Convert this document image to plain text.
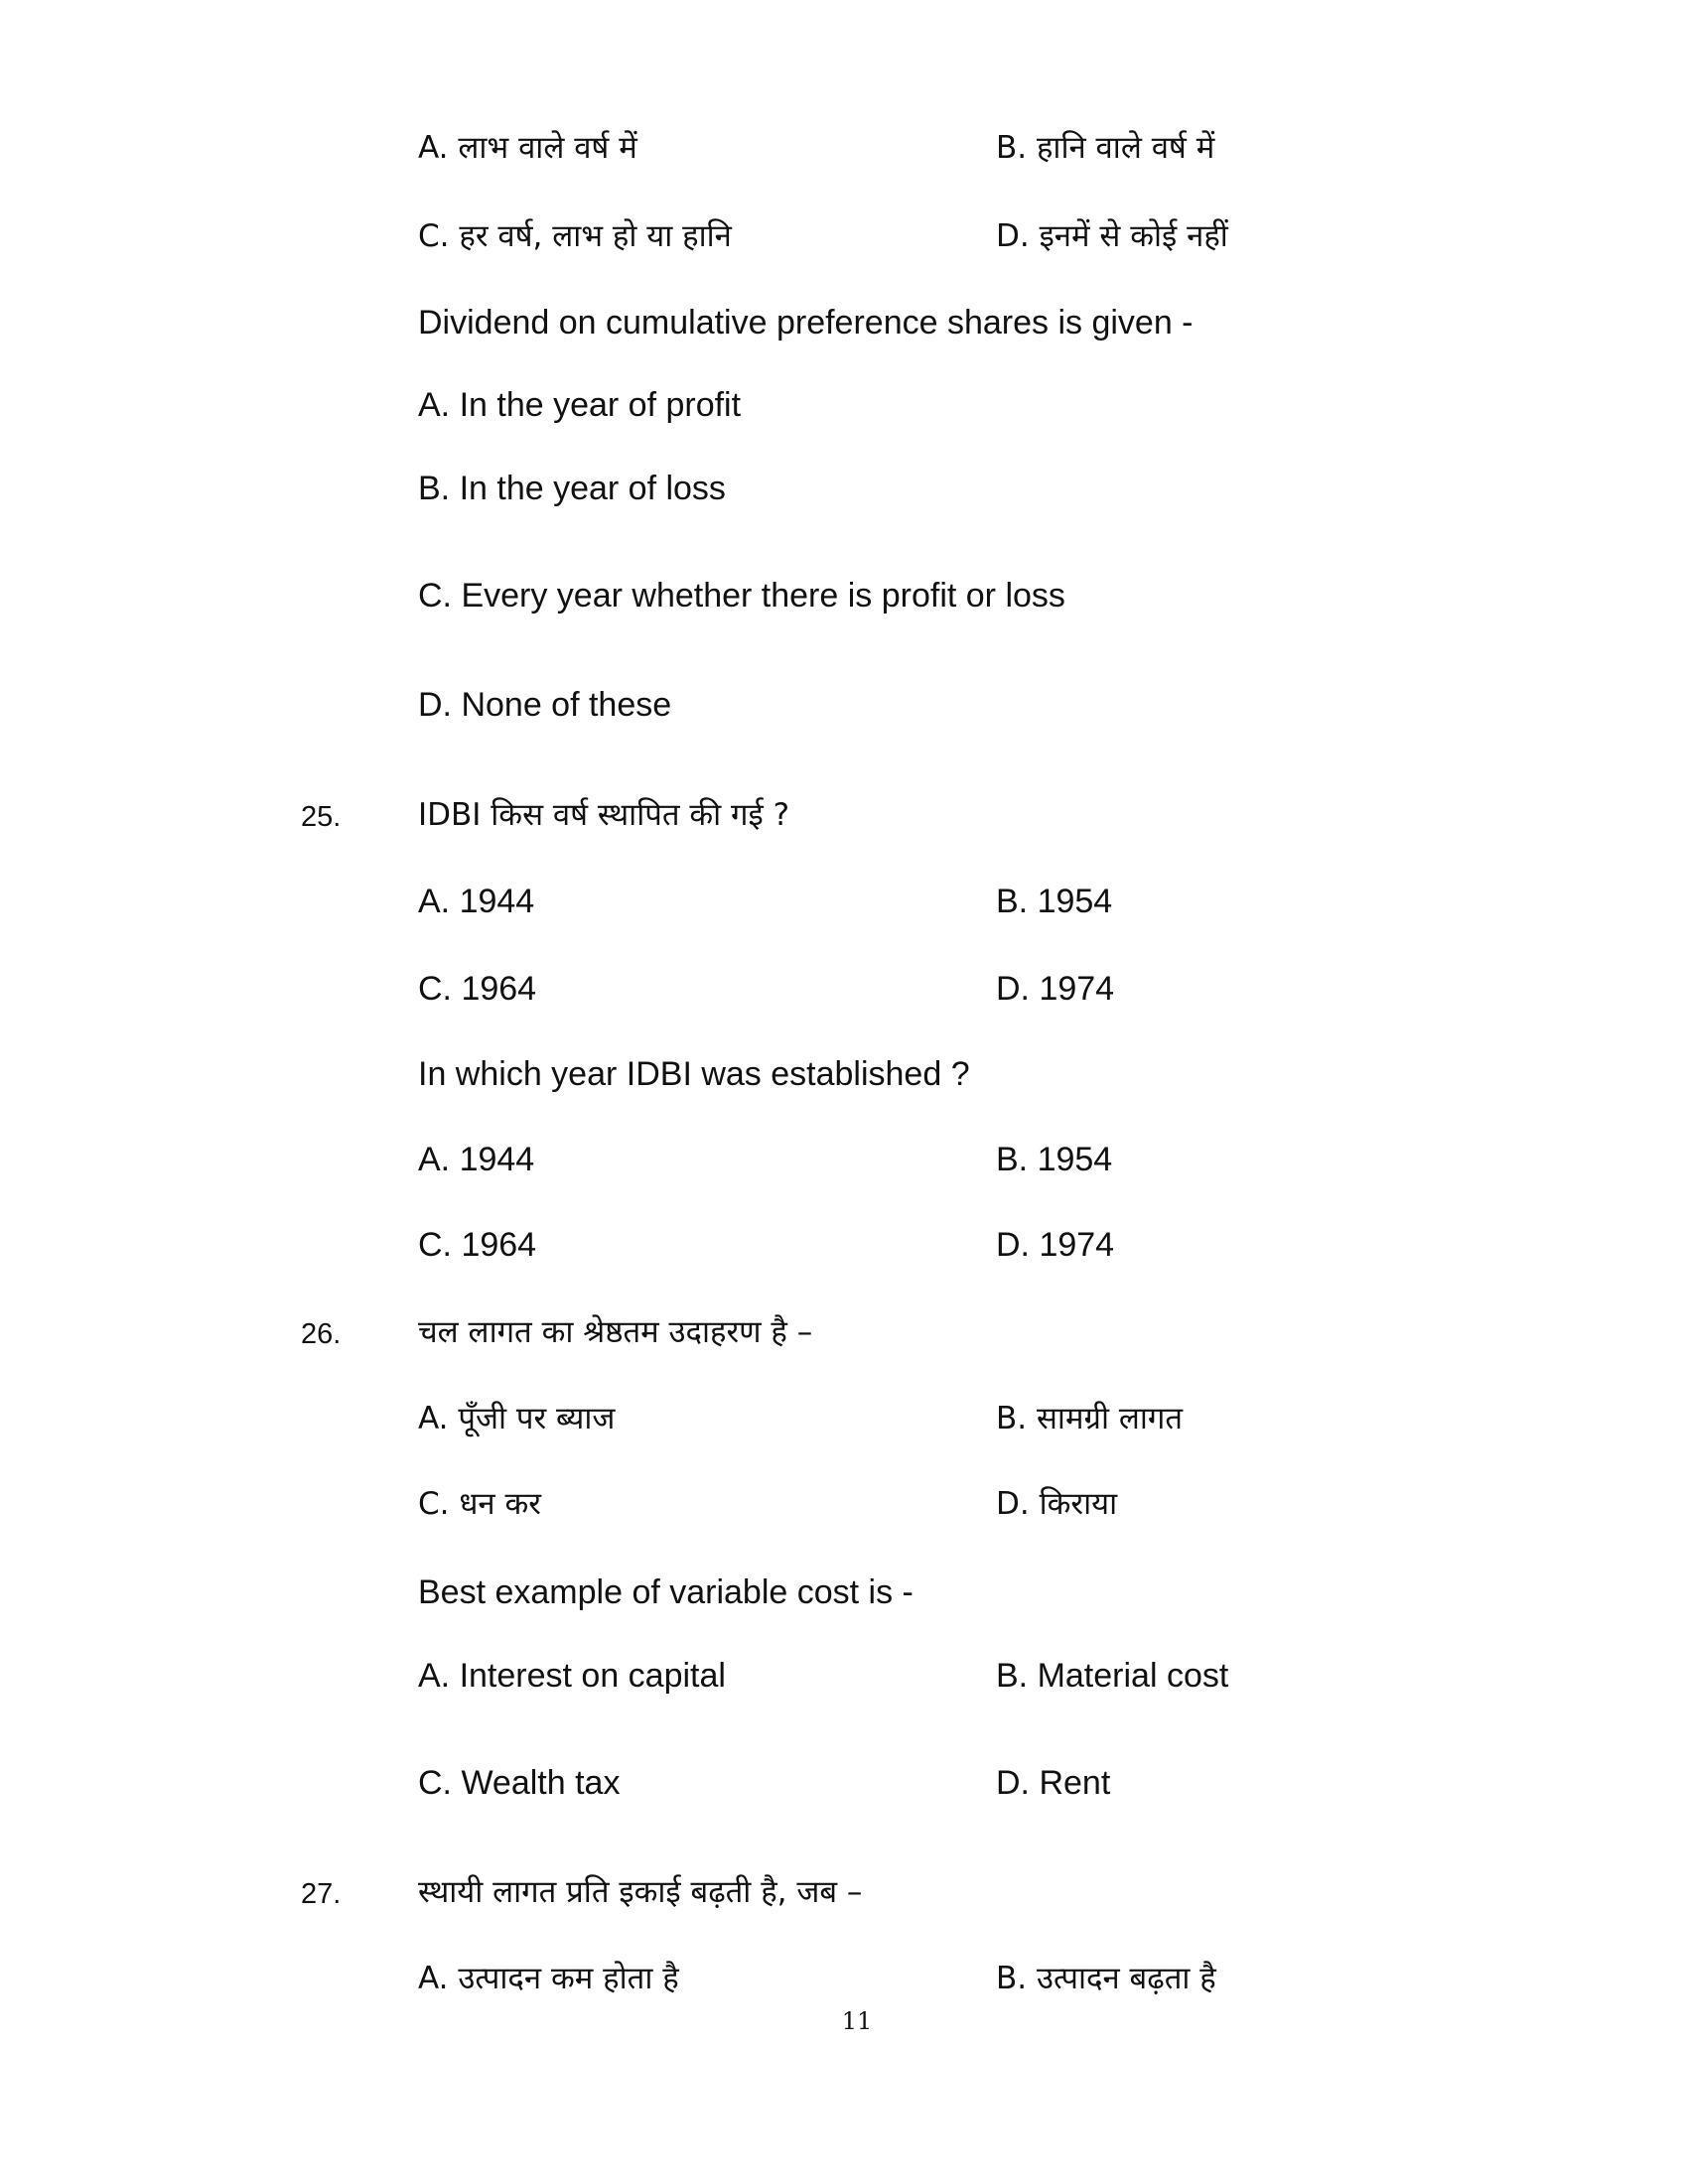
A. लाभ वाले वर्ष में	B. हानि वाले वर्ष में
C. हर वर्ष, लाभ हो या हानि	D. इनमें से कोई नहीं
Dividend on cumulative preference shares is given -
A. In the year of profit
B. In the year of loss
C. Every year whether there is profit or loss
D. None of these
25.	IDBI किस वर्ष स्थापित की गई ?
A. 1944	B. 1954
C. 1964	D. 1974
In which year IDBI was established ?
A. 1944	B. 1954
C. 1964	D. 1974
26.	चल लागत का श्रेष्ठतम उदाहरण है –
A. पूँजी पर ब्याज	B. सामग्री लागत
C. धन कर	D. किराया
Best example of variable cost is -
A. Interest on capital	B. Material cost
C. Wealth tax	D. Rent
27.	स्थायी लागत प्रति इकाई बढ़ती है, जब –
A. उत्पादन कम होता है	B. उत्पादन बढ़ता है
11
